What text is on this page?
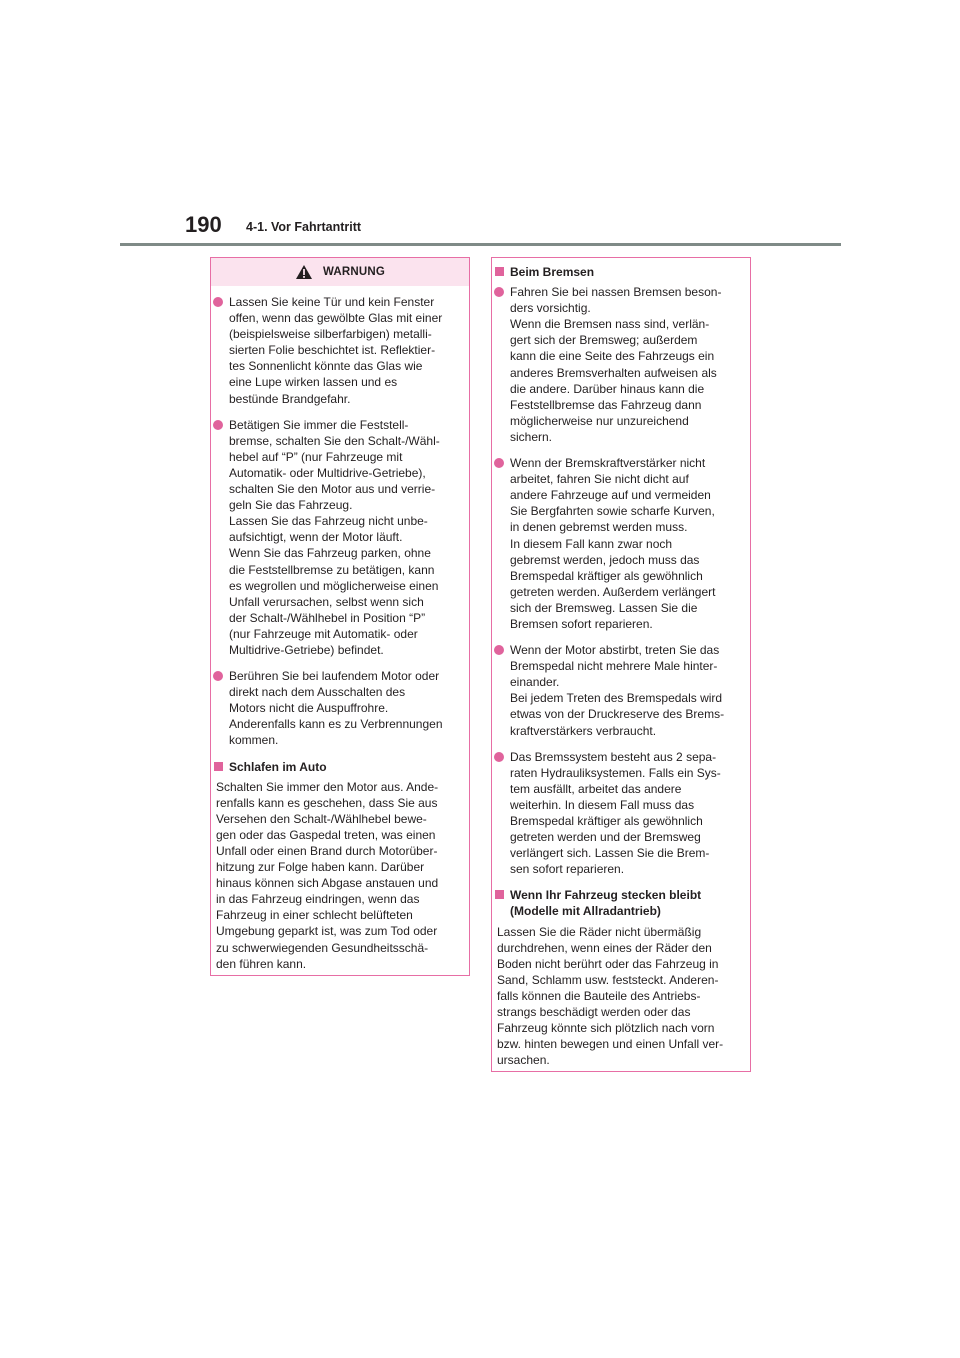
190 4-1. Vor Fahrtantritt
WARNUNG
Lassen Sie keine Tür und kein Fenster
offen, wenn das gewölbte Glas mit einer
(beispielsweise silberfarbigen) metalli-
sierten Folie beschichtet ist. Reflektier-
tes Sonnenlicht könnte das Glas wie
eine Lupe wirken lassen und es
bestünde Brandgefahr.
Betätigen Sie immer die Feststell-
bremse, schalten Sie den Schalt-/Wähl-
hebel auf “P” (nur Fahrzeuge mit
Automatik- oder Multidrive-Getriebe),
schalten Sie den Motor aus und verrie-
geln Sie das Fahrzeug.
Lassen Sie das Fahrzeug nicht unbe-
aufsichtigt, wenn der Motor läuft.
Wenn Sie das Fahrzeug parken, ohne
die Feststellbremse zu betätigen, kann
es wegrollen und möglicherweise einen
Unfall verursachen, selbst wenn sich
der Schalt-/Wählhebel in Position “P”
(nur Fahrzeuge mit Automatik- oder
Multidrive-Getriebe) befindet.
Berühren Sie bei laufendem Motor oder
direkt nach dem Ausschalten des
Motors nicht die Auspuffrohre.
Anderenfalls kann es zu Verbrennungen
kommen.
Schlafen im Auto
Schalten Sie immer den Motor aus. Ande-
renfalls kann es geschehen, dass Sie aus
Versehen den Schalt-/Wählhebel bewe-
gen oder das Gaspedal treten, was einen
Unfall oder einen Brand durch Motorüber-
hitzung zur Folge haben kann. Darüber
hinaus können sich Abgase anstauen und
in das Fahrzeug eindringen, wenn das
Fahrzeug in einer schlecht belüfteten
Umgebung geparkt ist, was zum Tod oder
zu schwerwiegenden Gesundheitsschä-
den führen kann.
Beim Bremsen
Fahren Sie bei nassen Bremsen beson-
ders vorsichtig.
Wenn die Bremsen nass sind, verlän-
gert sich der Bremsweg; außerdem
kann die eine Seite des Fahrzeugs ein
anderes Bremsverhalten aufweisen als
die andere. Darüber hinaus kann die
Feststellbremse das Fahrzeug dann
möglicherweise nur unzureichend
sichern.
Wenn der Bremskraftverstärker nicht
arbeitet, fahren Sie nicht dicht auf
andere Fahrzeuge auf und vermeiden
Sie Bergfahrten sowie scharfe Kurven,
in denen gebremst werden muss.
In diesem Fall kann zwar noch
gebremst werden, jedoch muss das
Bremspedal kräftiger als gewöhnlich
getreten werden. Außerdem verlängert
sich der Bremsweg. Lassen Sie die
Bremsen sofort reparieren.
Wenn der Motor abstirbt, treten Sie das
Bremspedal nicht mehrere Male hinter-
einander.
Bei jedem Treten des Bremspedals wird
etwas von der Druckreserve des Brems-
kraftverstärkers verbraucht.
Das Bremssystem besteht aus 2 sepa-
raten Hydrauliksystemen. Falls ein Sys-
tem ausfällt, arbeitet das andere
weiterhin. In diesem Fall muss das
Bremspedal kräftiger als gewöhnlich
getreten werden und der Bremsweg
verlängert sich. Lassen Sie die Brem-
sen sofort reparieren.
Wenn Ihr Fahrzeug stecken bleibt
(Modelle mit Allradantrieb)
Lassen Sie die Räder nicht übermäßig
durchdrehen, wenn eines der Räder den
Boden nicht berührt oder das Fahrzeug in
Sand, Schlamm usw. feststeckt. Anderen-
falls können die Bauteile des Antriebs-
strangs beschädigt werden oder das
Fahrzeug könnte sich plötzlich nach vorn
bzw. hinten bewegen und einen Unfall ver-
ursachen.
